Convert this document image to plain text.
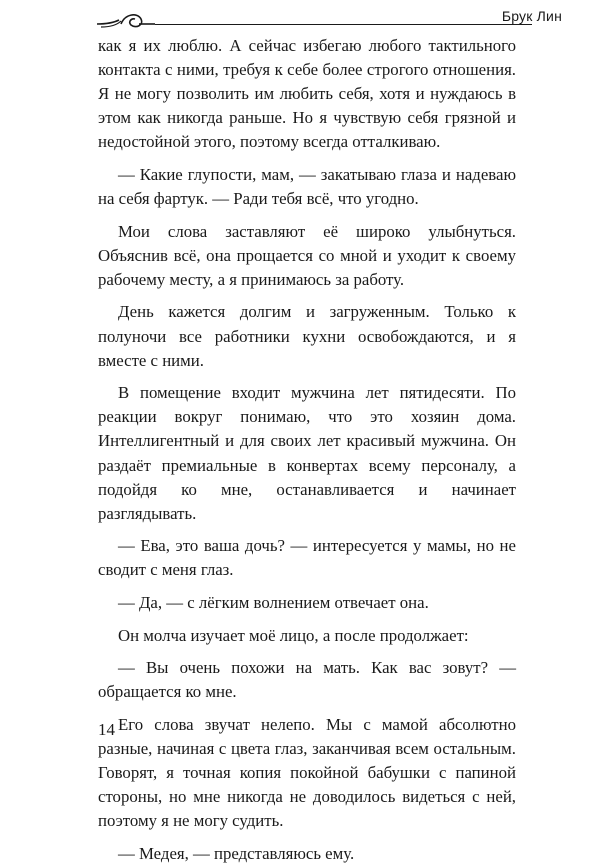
Брук Лин

как я их люблю. А сейчас избегаю любого тактильного контакта с ними, требуя к себе более строгого отношения. Я не могу позволить им любить себя, хотя и нуждаюсь в этом как никогда раньше. Но я чувствую себя грязной и недостойной этого, поэтому всегда отталкиваю.

— Какие глупости, мам, — закатываю глаза и надеваю на себя фартук. — Ради тебя всё, что угодно.

Мои слова заставляют её широко улыбнуться. Объяснив всё, она прощается со мной и уходит к своему рабочему месту, а я принимаюсь за работу.

День кажется долгим и загруженным. Только к полуночи все работники кухни освобождаются, и я вместе с ними.

В помещение входит мужчина лет пятидесяти. По реакции вокруг понимаю, что это хозяин дома. Интеллигентный и для своих лет красивый мужчина. Он раздаёт премиальные в конвертах всему персоналу, а подойдя ко мне, останавливается и начинает разглядывать.

— Ева, это ваша дочь? — интересуется у мамы, но не сводит с меня глаз.

— Да, — с лёгким волнением отвечает она.

Он молча изучает моё лицо, а после продолжает:

— Вы очень похожи на мать. Как вас зовут? — обращается ко мне.

Его слова звучат нелепо. Мы с мамой абсолютно разные, начиная с цвета глаз, заканчивая всем остальным. Говорят, я точная копия покойной бабушки с папиной стороны, но мне никогда не доводилось видеться с ней, поэтому я не могу судить.

— Медея, — представляюсь ему.

14
